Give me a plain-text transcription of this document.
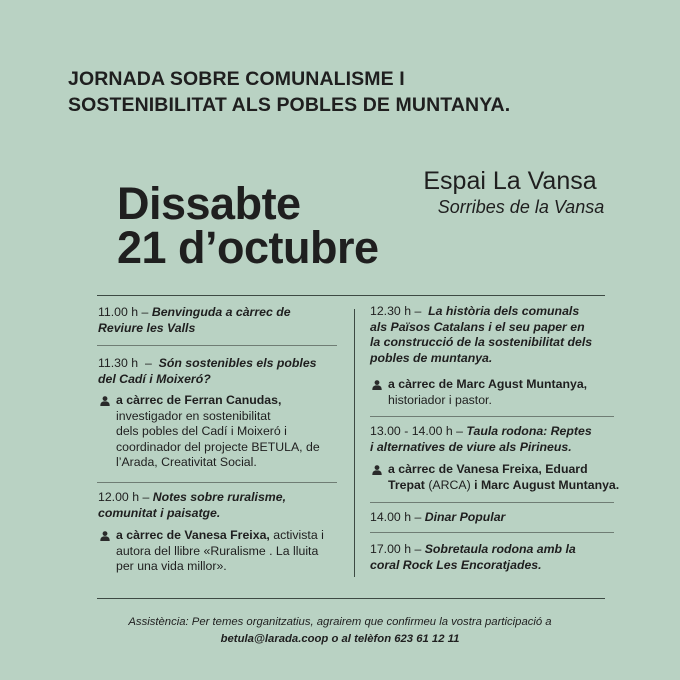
JORNADA SOBRE COMUNALISME I
SOSTENIBILITAT ALS POBLES DE MUNTANYA.
Dissabte
21 d’octubre
Espai La Vansa
Sorribes de la Vansa
11.00 h – Benvinguda a càrrec de
Reviure les Valls
11.30 h – Són sostenibles els pobles
del Cadí i Moixeró?
a càrrec de Ferran Canudas,
investigador en sostenibilitat
dels pobles del Cadí i Moixeró i
coordinador del projecte BETULA, de
l’Arada, Creativitat Social.
12.00 h – Notes sobre ruralisme,
comunitat i paisatge.
a càrrec de Vanesa Freixa, activista i
autora del llibre «Ruralisme . La lluita
per una vida millor».
12.30 h – La història dels comunals
als Països Catalans i el seu paper en
la construcció de la sostenibilitat dels
pobles de muntanya.
a càrrec de Marc Agust Muntanya,
historiador i pastor.
13.00 - 14.00 h – Taula rodona: Reptes
i alternatives de viure als Pirineus.
a càrrec de Vanesa Freixa, Eduard
Trepat (ARCA) i Marc August Muntanya.
14.00 h – Dinar Popular
17.00 h – Sobretaula rodona amb la
coral Rock Les Encoratjades.
Assistència: Per temes organitzatius, agrairem que confirmeu la vostra participació a
betula@larada.coop o al telèfon 623 61 12 11
